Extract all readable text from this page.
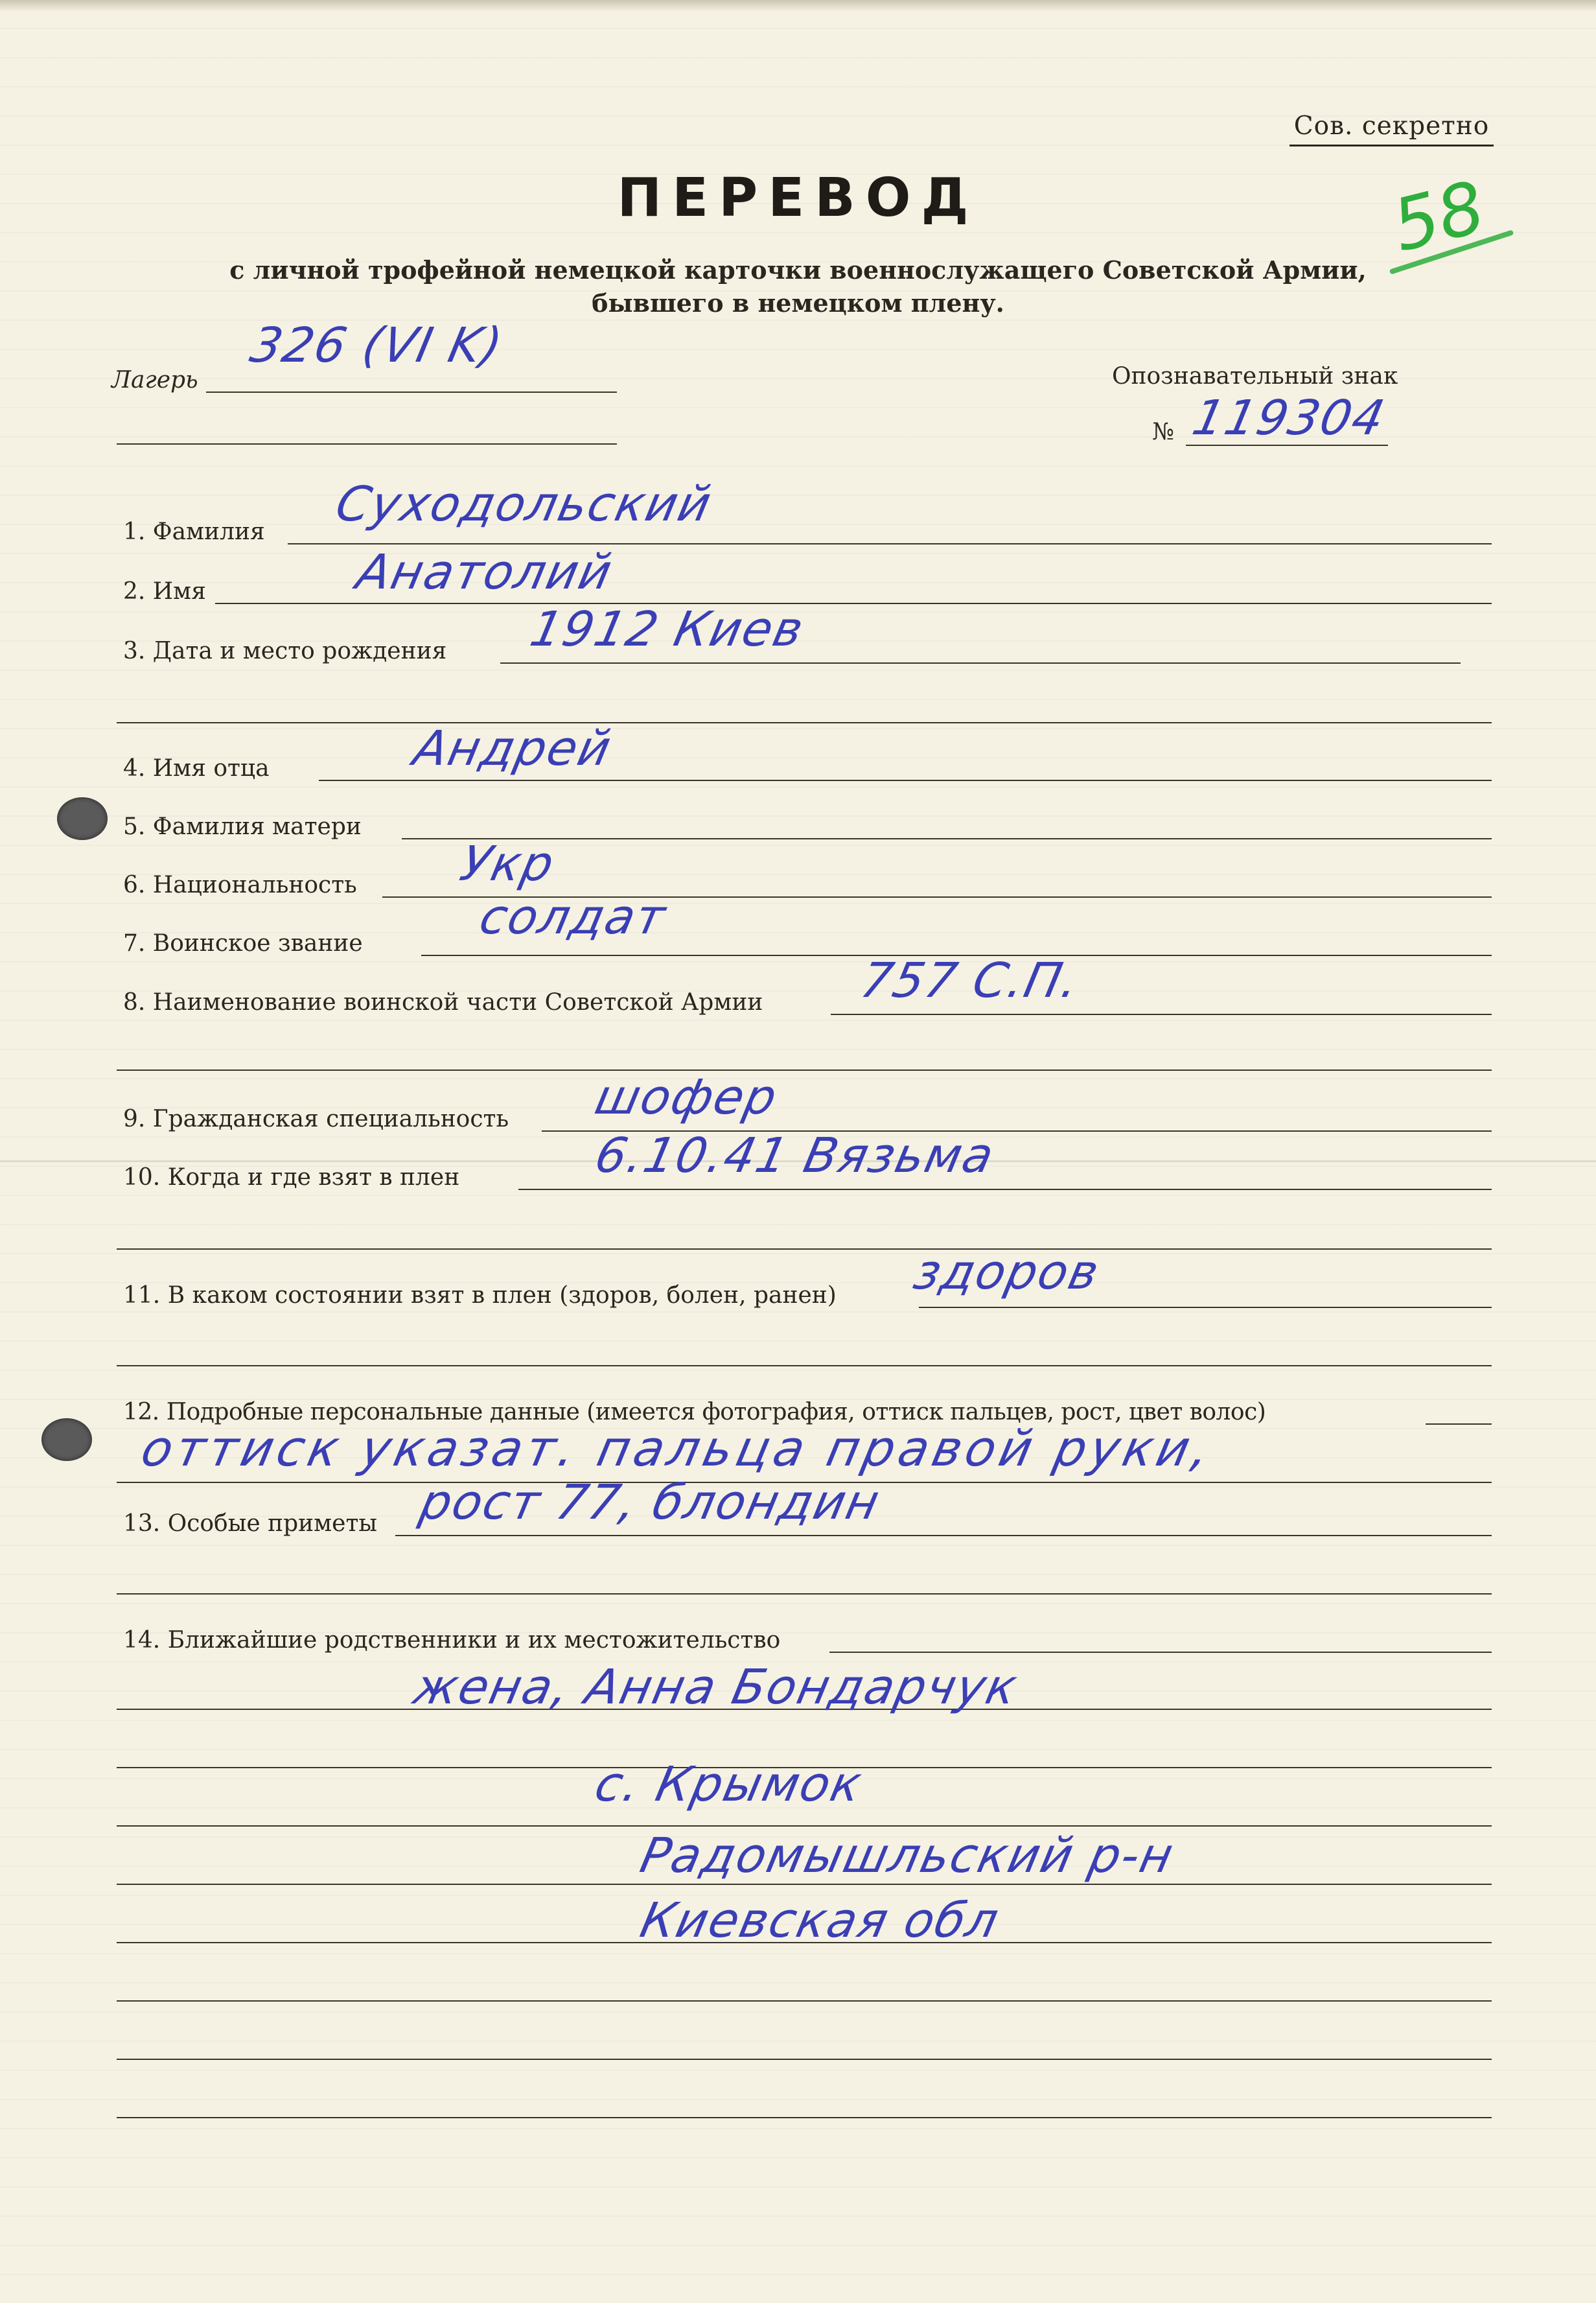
Сов. секретно
58
ПЕРЕВОД
с личной трофейной немецкой карточки военнослужащего Советской Армии,
бывшего в немецком плену.
Лагерь
326 (VI K)
Опознавательный знак
№ 119304
1. Фамилия Суходольский
2. Имя	Анатолий
3. Дата и место рождения 1912 Киев
4. Имя отца	Андрей
5. Фамилия матери
6. Национальность Укр
7. Воинское звание солдат
8. Наименование воинской части Советской Армии 757 С.П.
9. Гражданская специальность шофер
10. Когда и где взят в плен	6.10.41 Вязьма
11. В каком состоянии взят в плен (здоров, болен, ранен) здоров
12. Подробные персональные данные (имеется фотография, оттиск пальцев, рост, цвет волос)
оттиск указат. пальца правой руки,
13. Особые приметы рост 77, блондин
14. Ближайшие родственники и их местожительство
жена, Анна Бондарчук
с. Крымок
Радомышльский р-н
Киевская обл
